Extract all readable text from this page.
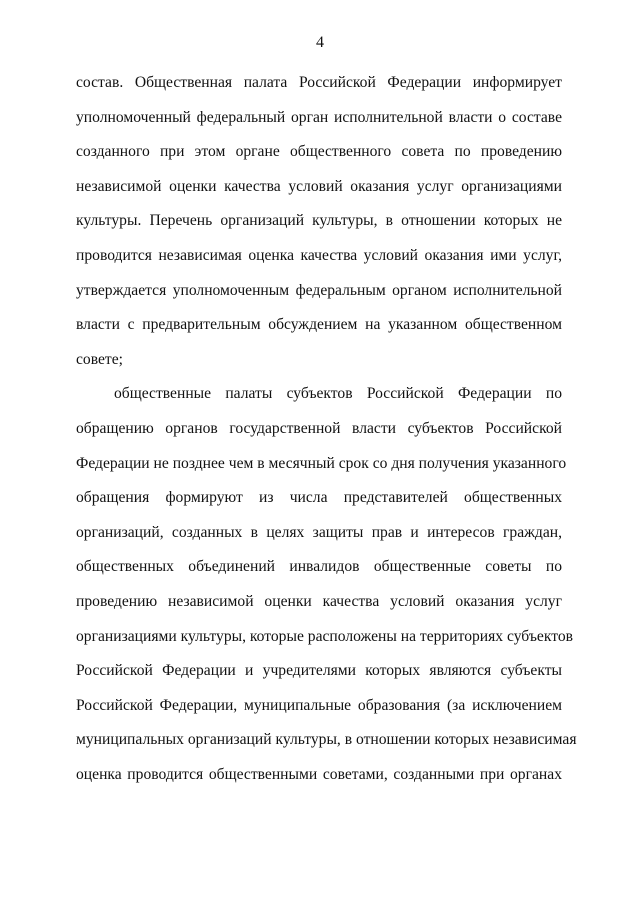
4

состав. Общественная палата Российской Федерации информирует
уполномоченный федеральный орган исполнительной власти о составе
созданного при этом органе общественного совета по проведению
независимой оценки качества условий оказания услуг организациями
культуры. Перечень организаций культуры, в отношении которых не
проводится независимая оценка качества условий оказания ими услуг,
утверждается уполномоченным федеральным органом исполнительной
власти с предварительным обсуждением на указанном общественном
совете;

общественные палаты субъектов Российской Федерации по
обращению органов государственной власти субъектов Российской
Федерации не позднее чем в месячный срок со дня получения указанного
обращения формируют из числа представителей общественных
организаций, созданных в целях защиты прав и интересов граждан,
общественных объединений инвалидов общественные советы по
проведению независимой оценки качества условий оказания услуг
организациями культуры, которые расположены на территориях субъектов
Российской Федерации и учредителями которых являются субъекты
Российской Федерации, муниципальные образования (за исключением
муниципальных организаций культуры, в отношении которых независимая
оценка проводится общественными советами, созданными при органах
